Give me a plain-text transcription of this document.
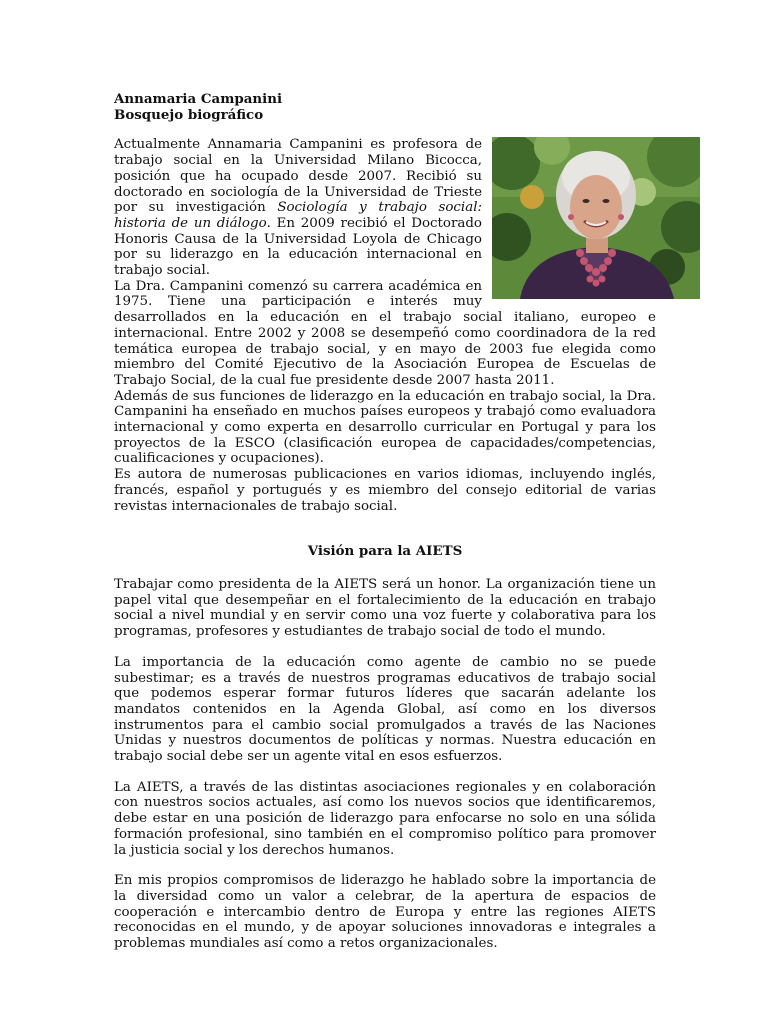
Annamaria Campanini
Bosquejo biográfico

Actualmente Annamaria Campanini es profesora de trabajo social en la Universidad Milano Bicocca, posición que ha ocupado desde 2007. Recibió su doctorado en sociología de la Universidad de Trieste por su investigación Sociología y trabajo social: historia de un diálogo. En 2009 recibió el Doctorado Honoris Causa de la Universidad Loyola de Chicago por su liderazgo en la educación internacional en trabajo social.

La Dra. Campanini comenzó su carrera académica en 1975. Tiene una participación e interés muy desarrollados en la educación en el trabajo social italiano, europeo e internacional. Entre 2002 y 2008 se desempeñó como coordinadora de la red temática europea de trabajo social, y en mayo de 2003 fue elegida como miembro del Comité Ejecutivo de la Asociación Europea de Escuelas de Trabajo Social, de la cual fue presidente desde 2007 hasta 2011.

Además de sus funciones de liderazgo en la educación en trabajo social, la Dra. Campanini ha enseñado en muchos países europeos y trabajó como evaluadora internacional y como experta en desarrollo curricular en Portugal y para los proyectos de la ESCO (clasificación europea de capacidades/competencias, cualificaciones y ocupaciones).

Es autora de numerosas publicaciones en varios idiomas, incluyendo inglés, francés, español y portugués y es miembro del consejo editorial de varias revistas internacionales de trabajo social.

Visión para la AIETS

Trabajar como presidenta de la AIETS será un honor. La organización tiene un papel vital que desempeñar en el fortalecimiento de la educación en trabajo social a nivel mundial y en servir como una voz fuerte y colaborativa para los programas, profesores y estudiantes de trabajo social de todo el mundo.

La importancia de la educación como agente de cambio no se puede subestimar; es a través de nuestros programas educativos de trabajo social que podemos esperar formar futuros líderes que sacarán adelante los mandatos contenidos en la Agenda Global, así como en los diversos instrumentos para el cambio social promulgados a través de las Naciones Unidas y nuestros documentos de políticas y normas. Nuestra educación en trabajo social debe ser un agente vital en esos esfuerzos.

La AIETS, a través de las distintas asociaciones regionales y en colaboración con nuestros socios actuales, así como los nuevos socios que identificaremos, debe estar en una posición de liderazgo para enfocarse no solo en una sólida formación profesional, sino también en el compromiso político para promover la justicia social y los derechos humanos.

En mis propios compromisos de liderazgo he hablado sobre la importancia de la diversidad como un valor a celebrar, de la apertura de espacios de cooperación e intercambio dentro de Europa y entre las regiones AIETS reconocidas en el mundo, y de apoyar soluciones innovadoras e integrales a problemas mundiales así como a retos organizacionales.
